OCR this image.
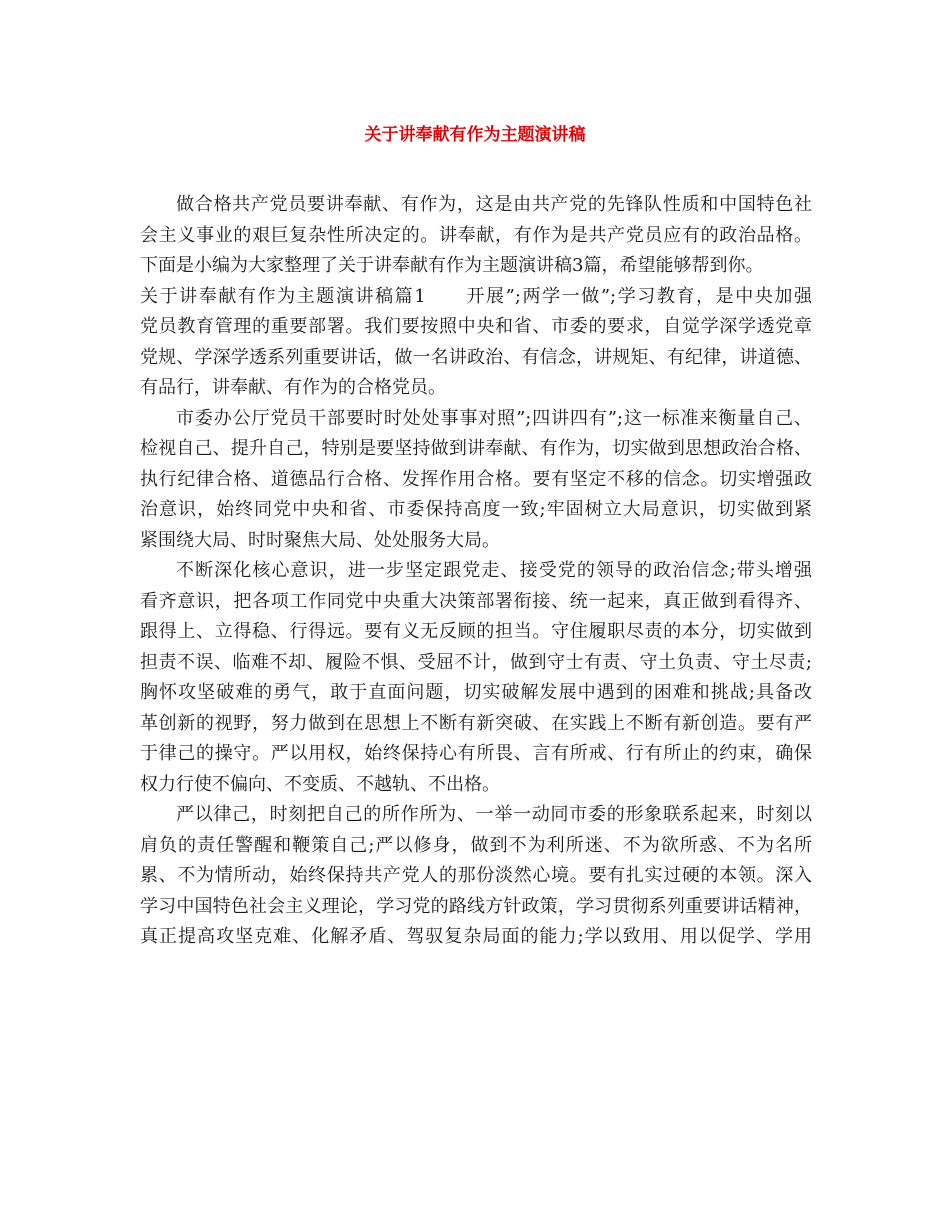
关于讲奉献有作为主题演讲稿
做合格共产党员要讲奉献、有作为，这是由共产党的先锋队性质和中国特色社
会主义事业的艰巨复杂性所决定的。讲奉献，有作为是共产党员应有的政治品格。
下面是小编为大家整理了关于讲奉献有作为主题演讲稿3篇，希望能够帮到你。
关于讲奉献有作为主题演讲稿篇1　　开展”;两学一做”;学习教育，是中央加强
党员教育管理的重要部署。我们要按照中央和省、市委的要求，自觉学深学透党章
党规、学深学透系列重要讲话，做一名讲政治、有信念，讲规矩、有纪律，讲道德、
有品行，讲奉献、有作为的合格党员。
市委办公厅党员干部要时时处处事事对照”;四讲四有”;这一标准来衡量自己、
检视自己、提升自己，特别是要坚持做到讲奉献、有作为，切实做到思想政治合格、
执行纪律合格、道德品行合格、发挥作用合格。要有坚定不移的信念。切实增强政
治意识，始终同党中央和省、市委保持高度一致;牢固树立大局意识，切实做到紧
紧围绕大局、时时聚焦大局、处处服务大局。
不断深化核心意识，进一步坚定跟党走、接受党的领导的政治信念;带头增强
看齐意识，把各项工作同党中央重大决策部署衔接、统一起来，真正做到看得齐、
跟得上、立得稳、行得远。要有义无反顾的担当。守住履职尽责的本分，切实做到
担责不误、临难不却、履险不惧、受屈不计，做到守士有责、守土负责、守土尽责;
胸怀攻坚破难的勇气，敢于直面问题，切实破解发展中遇到的困难和挑战;具备改
革创新的视野，努力做到在思想上不断有新突破、在实践上不断有新创造。要有严
于律己的操守。严以用权，始终保持心有所畏、言有所戒、行有所止的约束，确保
权力行使不偏向、不变质、不越轨、不出格。
严以律己，时刻把自己的所作所为、一举一动同市委的形象联系起来，时刻以
肩负的责任警醒和鞭策自己;严以修身，做到不为利所迷、不为欲所惑、不为名所
累、不为情所动，始终保持共产党人的那份淡然心境。要有扎实过硬的本领。深入
学习中国特色社会主义理论，学习党的路线方针政策，学习贯彻系列重要讲话精神，
真正提高攻坚克难、化解矛盾、驾驭复杂局面的能力;学以致用、用以促学、学用
